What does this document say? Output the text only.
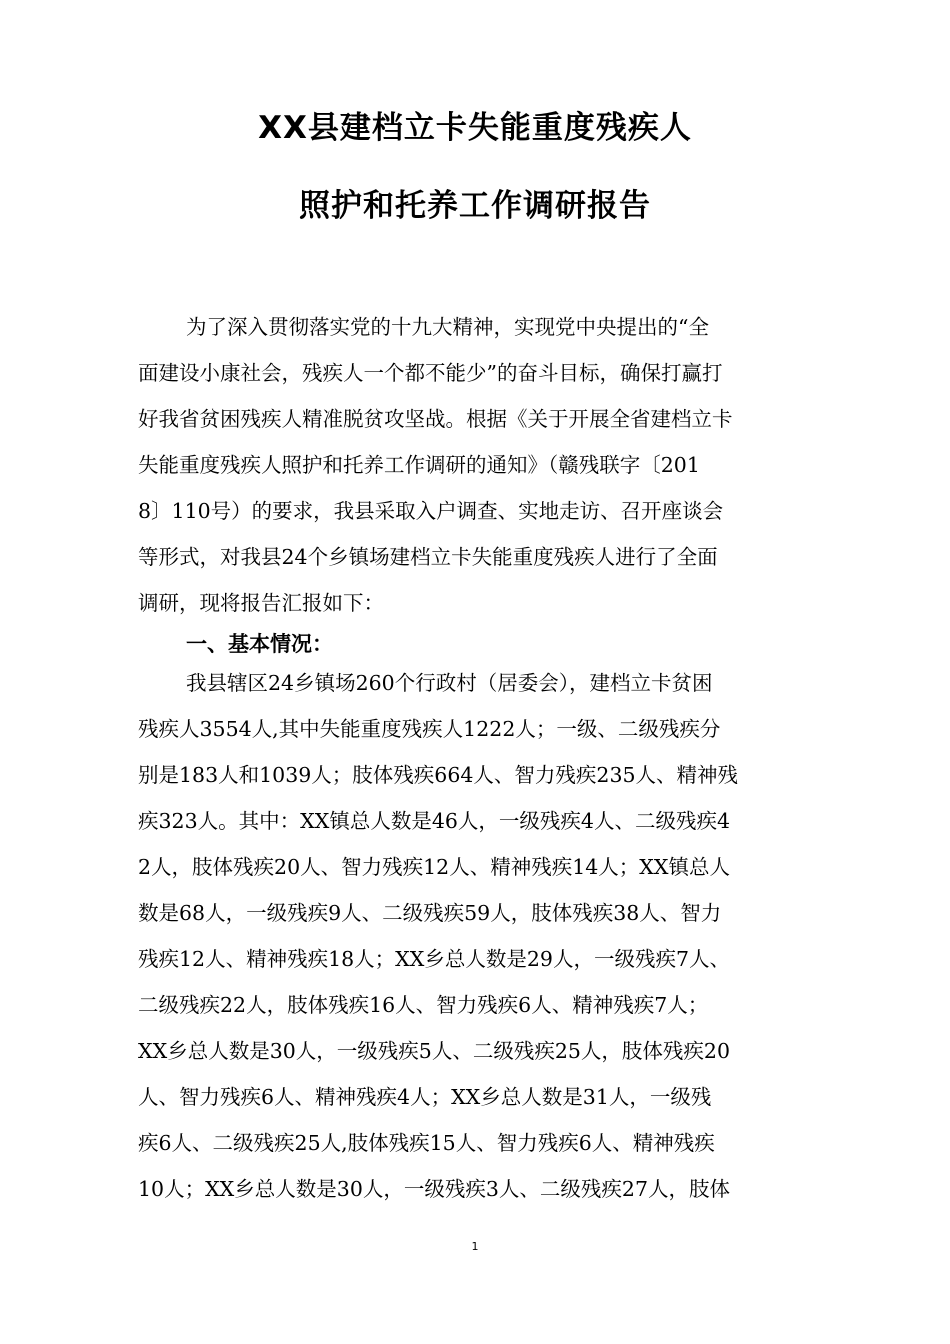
XX县建档立卡失能重度残疾人
照护和托养工作调研报告
为了深入贯彻落实党的十九大精神，实现党中央提出的“全
面建设小康社会，残疾人一个都不能少”的奋斗目标，确保打赢打
好我省贫困残疾人精准脱贫攻坚战。根据《关于开展全省建档立卡
失能重度残疾人照护和托养工作调研的通知》（赣残联字〔201
8〕110号）的要求，我县采取入户调查、实地走访、召开座谈会
等形式，对我县24个乡镇场建档立卡失能重度残疾人进行了全面
调研，现将报告汇报如下：
一、基本情况：
我县辖区24乡镇场260个行政村（居委会），建档立卡贫困
残疾人3554人,其中失能重度残疾人1222人；一级、二级残疾分
别是183人和1039人；肢体残疾664人、智力残疾235人、精神残
疾323人。其中：XX镇总人数是46人，一级残疾4人、二级残疾4
2人，肢体残疾20人、智力残疾12人、精神残疾14人；XX镇总人
数是68人，一级残疾9人、二级残疾59人，肢体残疾38人、智力
残疾12人、精神残疾18人；XX乡总人数是29人，一级残疾7人、
二级残疾22人，肢体残疾16人、智力残疾6人、精神残疾7人；
XX乡总人数是30人，一级残疾5人、二级残疾25人，肢体残疾20
人、智力残疾6人、精神残疾4人；XX乡总人数是31人，一级残
疾6人、二级残疾25人,肢体残疾15人、智力残疾6人、精神残疾
10人；XX乡总人数是30人，一级残疾3人、二级残疾27人，肢体
1
